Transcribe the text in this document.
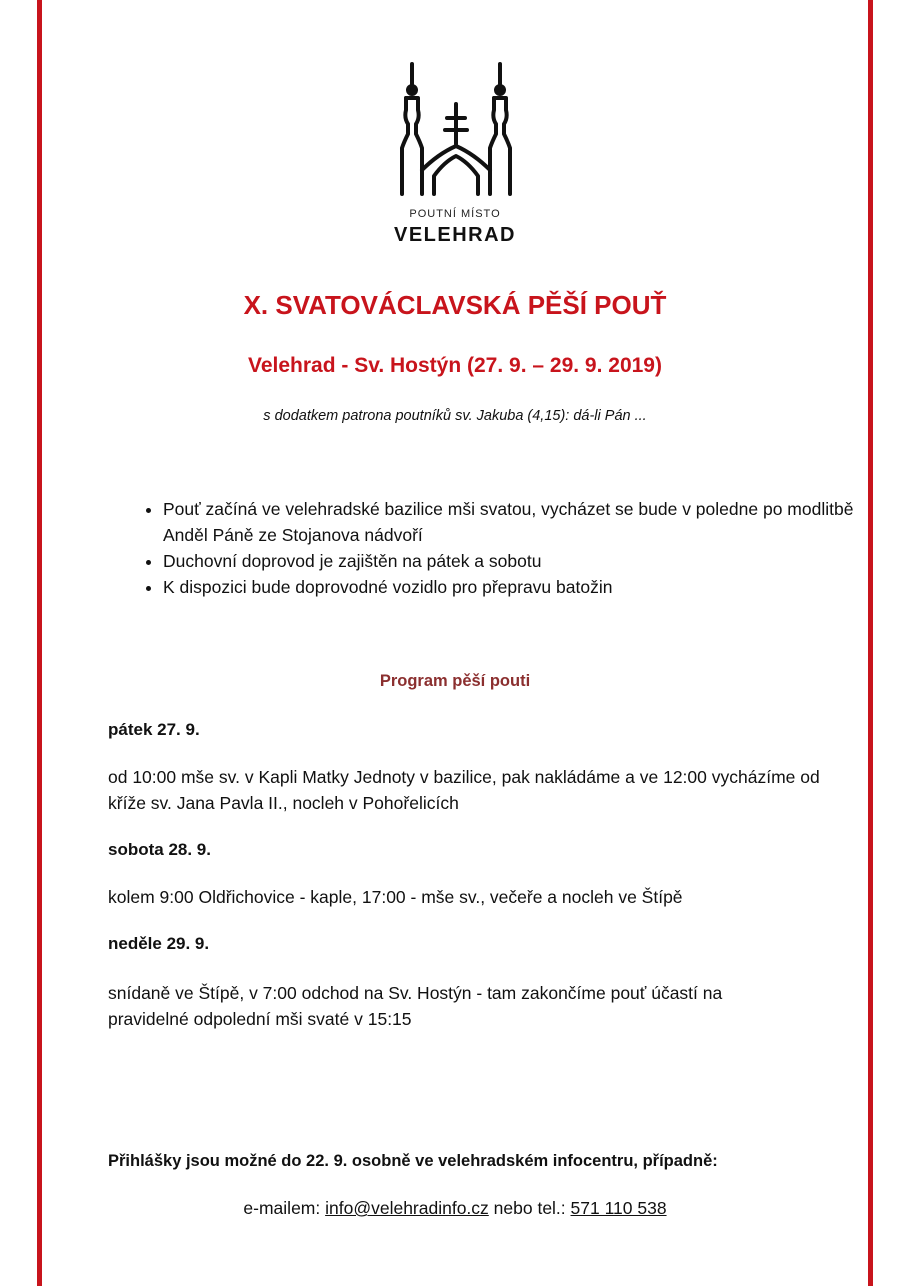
POUTNÍ MÍSTO
VELEHRAD
X. SVATOVÁCLAVSKÁ PĚŠÍ POUŤ
Velehrad - Sv. Hostýn (27. 9. – 29. 9. 2019)
s dodatkem patrona poutníků sv. Jakuba (4,15): dá-li Pán ...
• Pouť začíná ve velehradské bazilice mši svatou, vycházet se bude v poledne po modlitbě Anděl Páně ze Stojanova nádvoří
• Duchovní doprovod je zajištěn na pátek a sobotu
• K dispozici bude doprovodné vozidlo pro přepravu batožin
Program pěší pouti
pátek 27. 9.
od 10:00 mše sv. v Kapli Matky Jednoty v bazilice, pak nakládáme a ve 12:00 vycházíme od kříže sv. Jana Pavla II., nocleh v Pohořelicích
sobota 28. 9.
kolem 9:00 Oldřichovice - kaple, 17:00 - mše sv., večeře a nocleh ve Štípě
neděle 29. 9.
snídaně ve Štípě, v 7:00 odchod na Sv. Hostýn - tam zakončíme pouť účastí na pravidelné odpolední mši svaté v 15:15
Přihlášky jsou možné do 22. 9. osobně ve velehradském infocentru, případně:
e-mailem: info@velehradinfo.cz nebo tel.: 571 110 538
